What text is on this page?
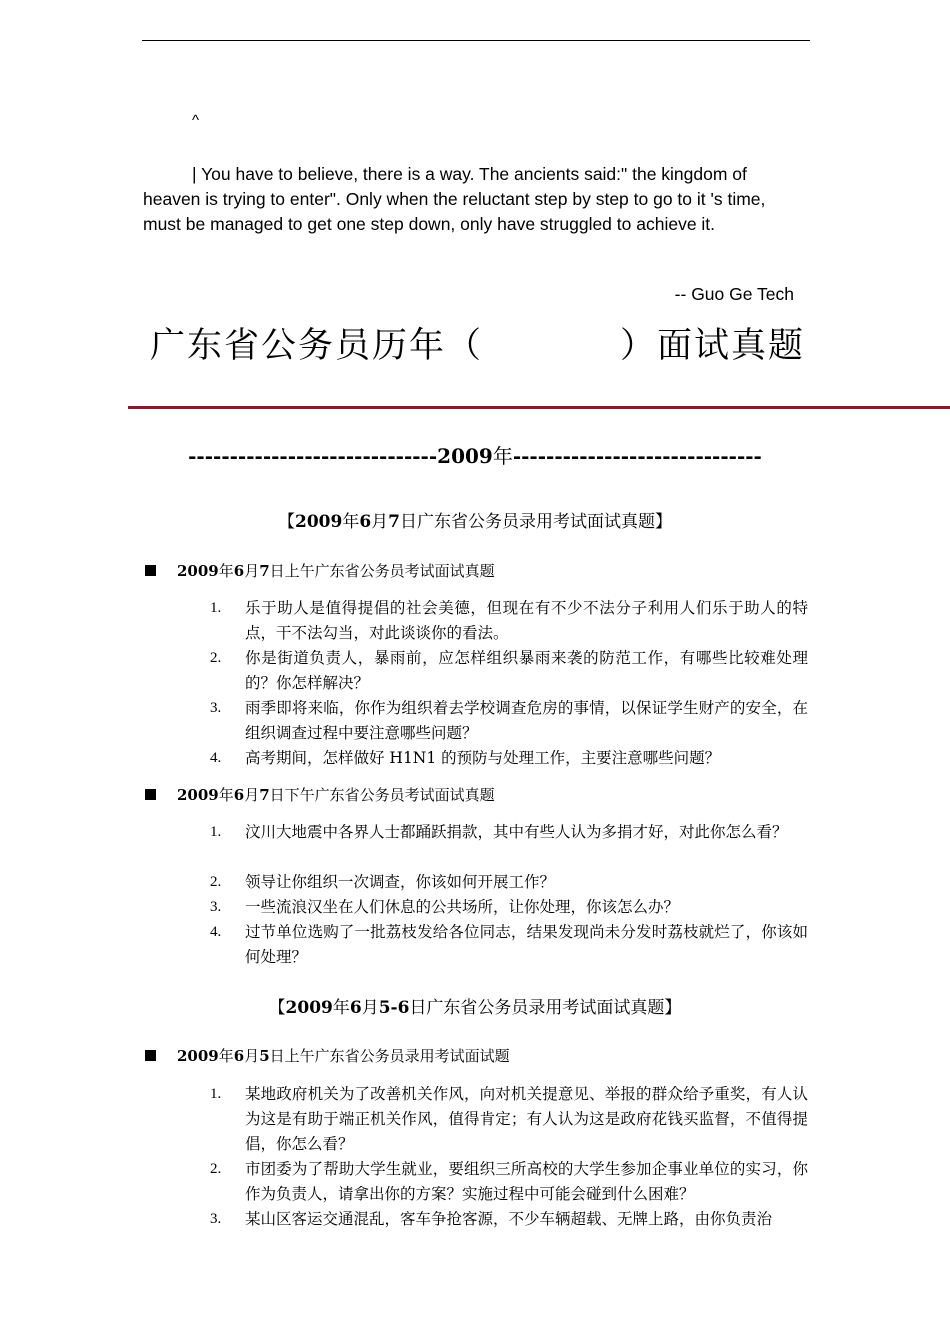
^
| You have to believe, there is a way. The ancients said:" the kingdom of heaven is trying to enter". Only when the reluctant step by step to go to it 's time, must be managed to get one step down, only have struggled to achieve it.
-- Guo Ge Tech
广东省公务员历年（	）面试真题
------------------------------2009年------------------------------
【2009年6月7日广东省公务员录用考试面试真题】
2009年6月7日上午广东省公务员考试面试真题
1. 乐于助人是值得提倡的社会美德，但现在有不少不法分子利用人们乐于助人的特点，干不法勾当，对此谈谈你的看法。
2. 你是街道负责人，暴雨前，应怎样组织暴雨来袭的防范工作，有哪些比较难处理的？你怎样解决？
3. 雨季即将来临，你作为组织着去学校调查危房的事情，以保证学生财产的安全，在组织调查过程中要注意哪些问题？
4. 高考期间，怎样做好 H1N1 的预防与处理工作，主要注意哪些问题？
2009年6月7日下午广东省公务员考试面试真题
1. 汶川大地震中各界人士都踊跃捐款，其中有些人认为多捐才好，对此你怎么看？
2. 领导让你组织一次调查，你该如何开展工作？
3. 一些流浪汉坐在人们休息的公共场所，让你处理，你该怎么办？
4. 过节单位选购了一批荔枝发给各位同志，结果发现尚未分发时荔枝就烂了，你该如何处理？
【2009年6月5-6日广东省公务员录用考试面试真题】
2009年6月5日上午广东省公务员录用考试面试题
1. 某地政府机关为了改善机关作风，向对机关提意见、举报的群众给予重奖，有人认为这是有助于端正机关作风，值得肯定；有人认为这是政府花钱买监督，不值得提倡，你怎么看？
2. 市团委为了帮助大学生就业，要组织三所高校的大学生参加企事业单位的实习，你作为负责人，请拿出你的方案？实施过程中可能会碰到什么困难？
3. 某山区客运交通混乱，客车争抢客源，不少车辆超载、无牌上路，由你负责治
